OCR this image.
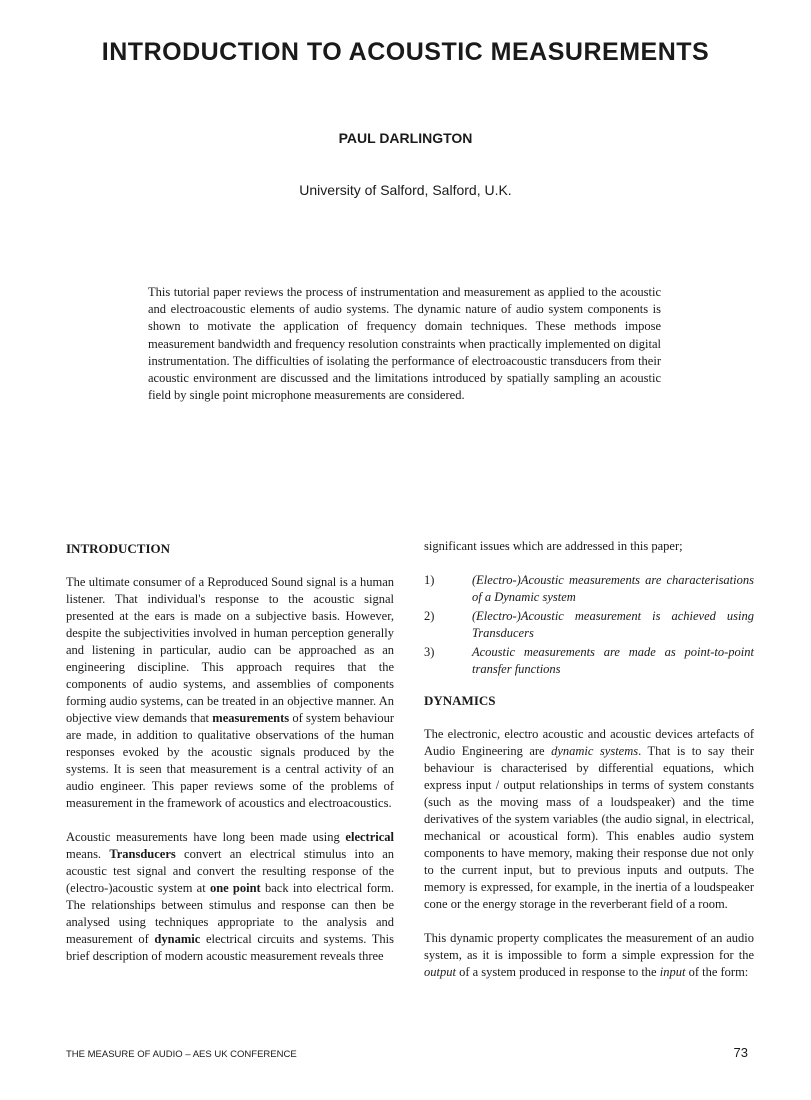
INTRODUCTION TO ACOUSTIC MEASUREMENTS
PAUL DARLINGTON
University of Salford, Salford, U.K.
This tutorial paper reviews the process of instrumentation and measurement as applied to the acoustic and electroacoustic elements of audio systems. The dynamic nature of audio system components is shown to motivate the application of frequency domain techniques. These methods impose measurement bandwidth and frequency resolution constraints when practically implemented on digital instrumentation. The difficulties of isolating the performance of electroacoustic transducers from their acoustic environment are discussed and the limitations introduced by spatially sampling an acoustic field by single point microphone measurements are considered.
INTRODUCTION

The ultimate consumer of a Reproduced Sound signal is a human listener. That individual's response to the acoustic signal presented at the ears is made on a subjective basis. However, despite the subjectivities involved in human perception generally and listening in particular, audio can be approached as an engineering discipline. This approach requires that the components of audio systems, and assemblies of components forming audio systems, can be treated in an objective manner. An objective view demands that measurements of system behaviour are made, in addition to qualitative observations of the human responses evoked by the acoustic signals produced by the systems. It is seen that measurement is a central activity of an audio engineer. This paper reviews some of the problems of measurement in the framework of acoustics and electroacoustics.

Acoustic measurements have long been made using electrical means. Transducers convert an electrical stimulus into an acoustic test signal and convert the resulting response of the (electro-)acoustic system at one point back into electrical form. The relationships between stimulus and response can then be analysed using techniques appropriate to the analysis and measurement of dynamic electrical circuits and systems. This brief description of modern acoustic measurement reveals three

significant issues which are addressed in this paper;

1)	(Electro-)Acoustic measurements are characterisations of a Dynamic system
2)	(Electro-)Acoustic measurement is achieved using Transducers
3)	Acoustic measurements are made as point-to-point transfer functions
DYNAMICS

The electronic, electro acoustic and acoustic devices artefacts of Audio Engineering are dynamic systems. That is to say their behaviour is characterised by differential equations, which express input / output relationships in terms of system constants (such as the moving mass of a loudspeaker) and the time derivatives of the system variables (the audio signal, in electrical, mechanical or acoustical form). This enables audio system components to have memory, making their response due not only to the current input, but to previous inputs and outputs. The memory is expressed, for example, in the inertia of a loudspeaker cone or the energy storage in the reverberant field of a room.

This dynamic property complicates the measurement of an audio system, as it is impossible to form a simple expression for the output of a system produced in response to the input of the form:

THE MEASURE OF AUDIO – AES UK CONFERENCE	73
